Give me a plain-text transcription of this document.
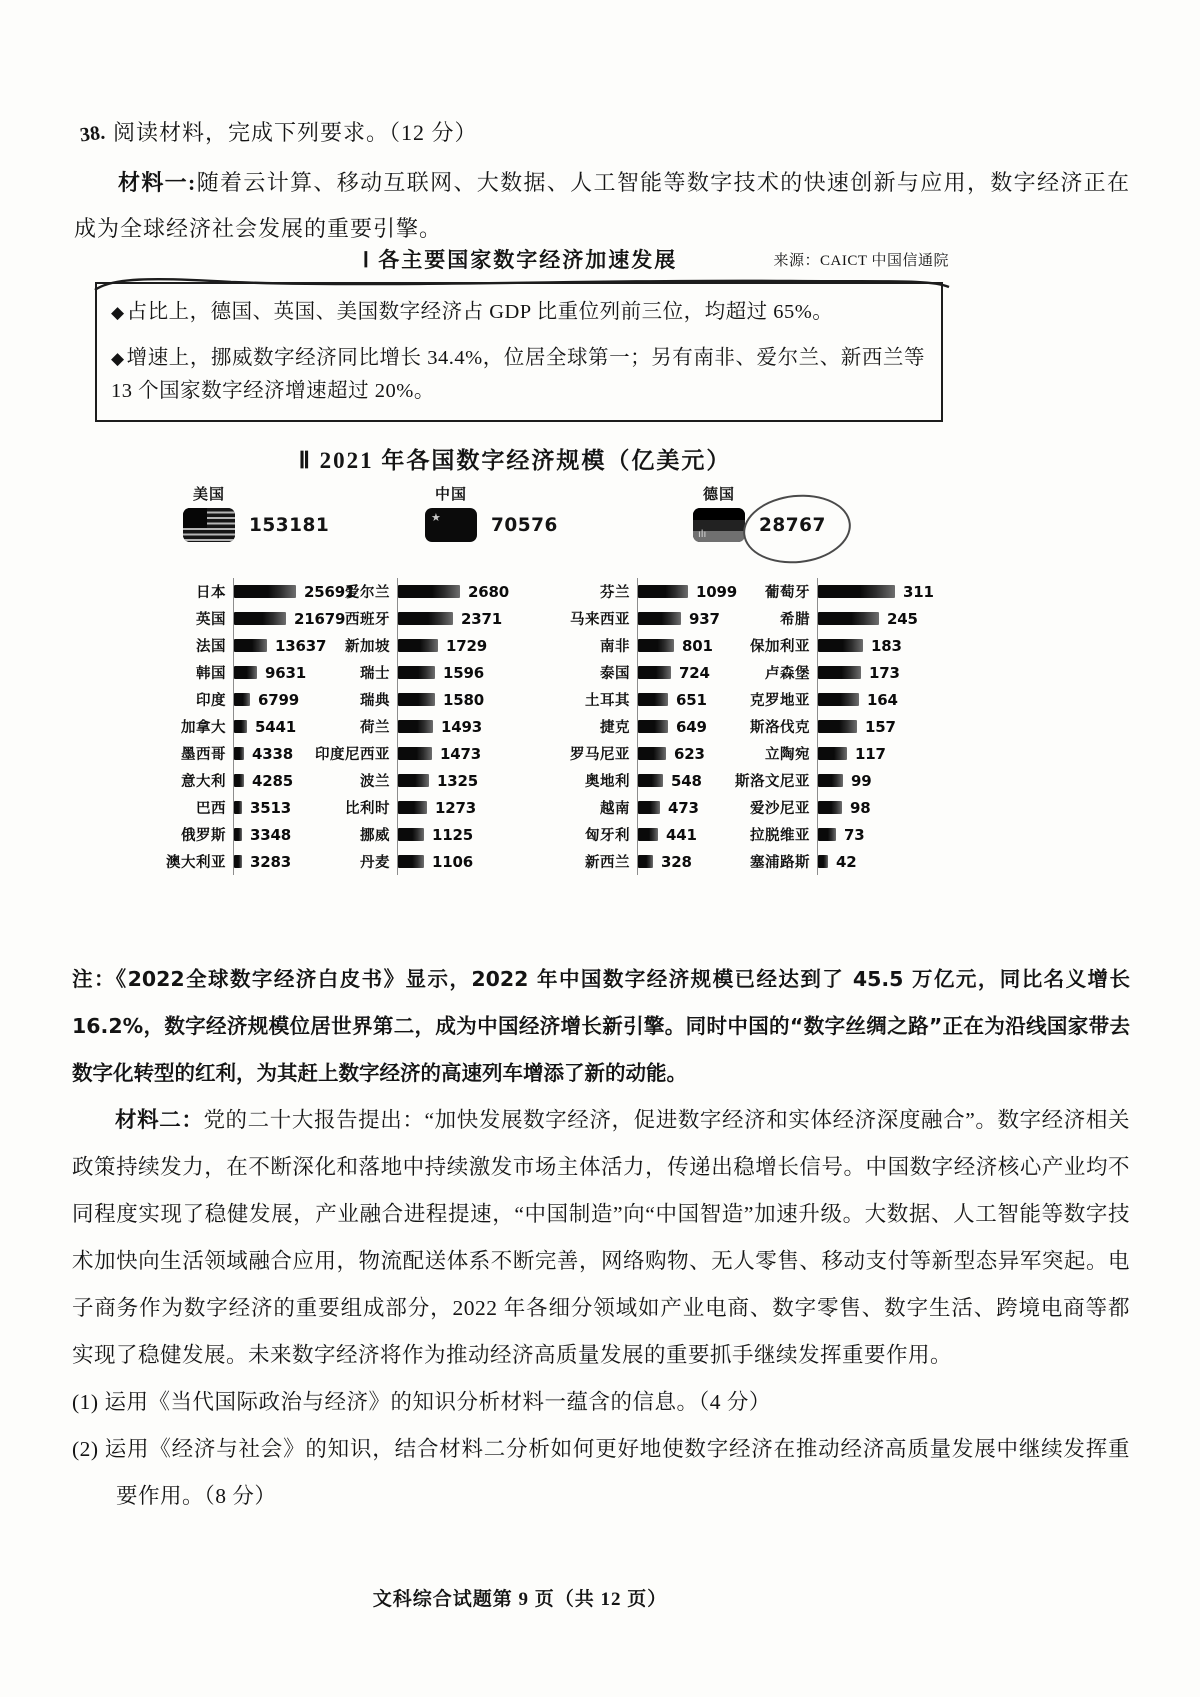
38. 阅读材料，完成下列要求。（12 分）

材料一:随着云计算、移动互联网、大数据、人工智能等数字技术的快速创新与应用，数字经济正在成为全球经济社会发展的重要引擎。

Ⅰ 各主要国家数字经济加速发展	来源：CAICT 中国信通院

◆占比上，德国、英国、美国数字经济占 GDP 比重位列前三位，均超过 65%。

◆增速上，挪威数字经济同比增长 34.4%，位居全球第一；另有南非、爱尔兰、新西兰等 13 个国家数字经济增速超过 20%。

Ⅱ 2021 年各国数字经济规模（亿美元）
美国
153181
中国
★
70576
德国
ılı
28767
日本	25691
英国	21679
法国	13637
韩国	9631
印度	6799
加拿大	5441
墨西哥	4338
意大利	4285
巴西	3513
俄罗斯	3348
澳大利亚	3283
爱尔兰	2680
西班牙	2371
新加坡	1729
瑞士	1596
瑞典	1580
荷兰	1493
印度尼西亚	1473
波兰	1325
比利时	1273
挪威	1125
丹麦	1106
芬兰	1099
马来西亚	937
南非	801
泰国	724
土耳其	651
捷克	649
罗马尼亚	623
奥地利	548
越南	473
匈牙利	441
新西兰	328
葡萄牙	311
希腊	245
保加利亚	183
卢森堡	173
克罗地亚	164
斯洛伐克	157
立陶宛	117
斯洛文尼亚	99
爱沙尼亚	98
拉脱维亚	73
塞浦路斯	42

注：《2022全球数字经济白皮书》显示，2022 年中国数字经济规模已经达到了 45.5 万亿元，同比名义增长 16.2%，数字经济规模位居世界第二，成为中国经济增长新引擎。同时中国的“数字丝绸之路”正在为沿线国家带去数字化转型的红利，为其赶上数字经济的高速列车增添了新的动能。

材料二：党的二十大报告提出：“加快发展数字经济，促进数字经济和实体经济深度融合”。数字经济相关政策持续发力，在不断深化和落地中持续激发市场主体活力，传递出稳增长信号。中国数字经济核心产业均不同程度实现了稳健发展，产业融合进程提速，“中国制造”向“中国智造”加速升级。大数据、人工智能等数字技术加快向生活领域融合应用，物流配送体系不断完善，网络购物、无人零售、移动支付等新型态异军突起。电子商务作为数字经济的重要组成部分，2022 年各细分领域如产业电商、数字零售、数字生活、跨境电商等都实现了稳健发展。未来数字经济将作为推动经济高质量发展的重要抓手继续发挥重要作用。

(1) 运用《当代国际政治与经济》的知识分析材料一蕴含的信息。（4 分）

(2) 运用《经济与社会》的知识，结合材料二分析如何更好地使数字经济在推动经济高质量发展中继续发挥重要作用。（8 分）

文科综合试题第 9 页（共 12 页）
